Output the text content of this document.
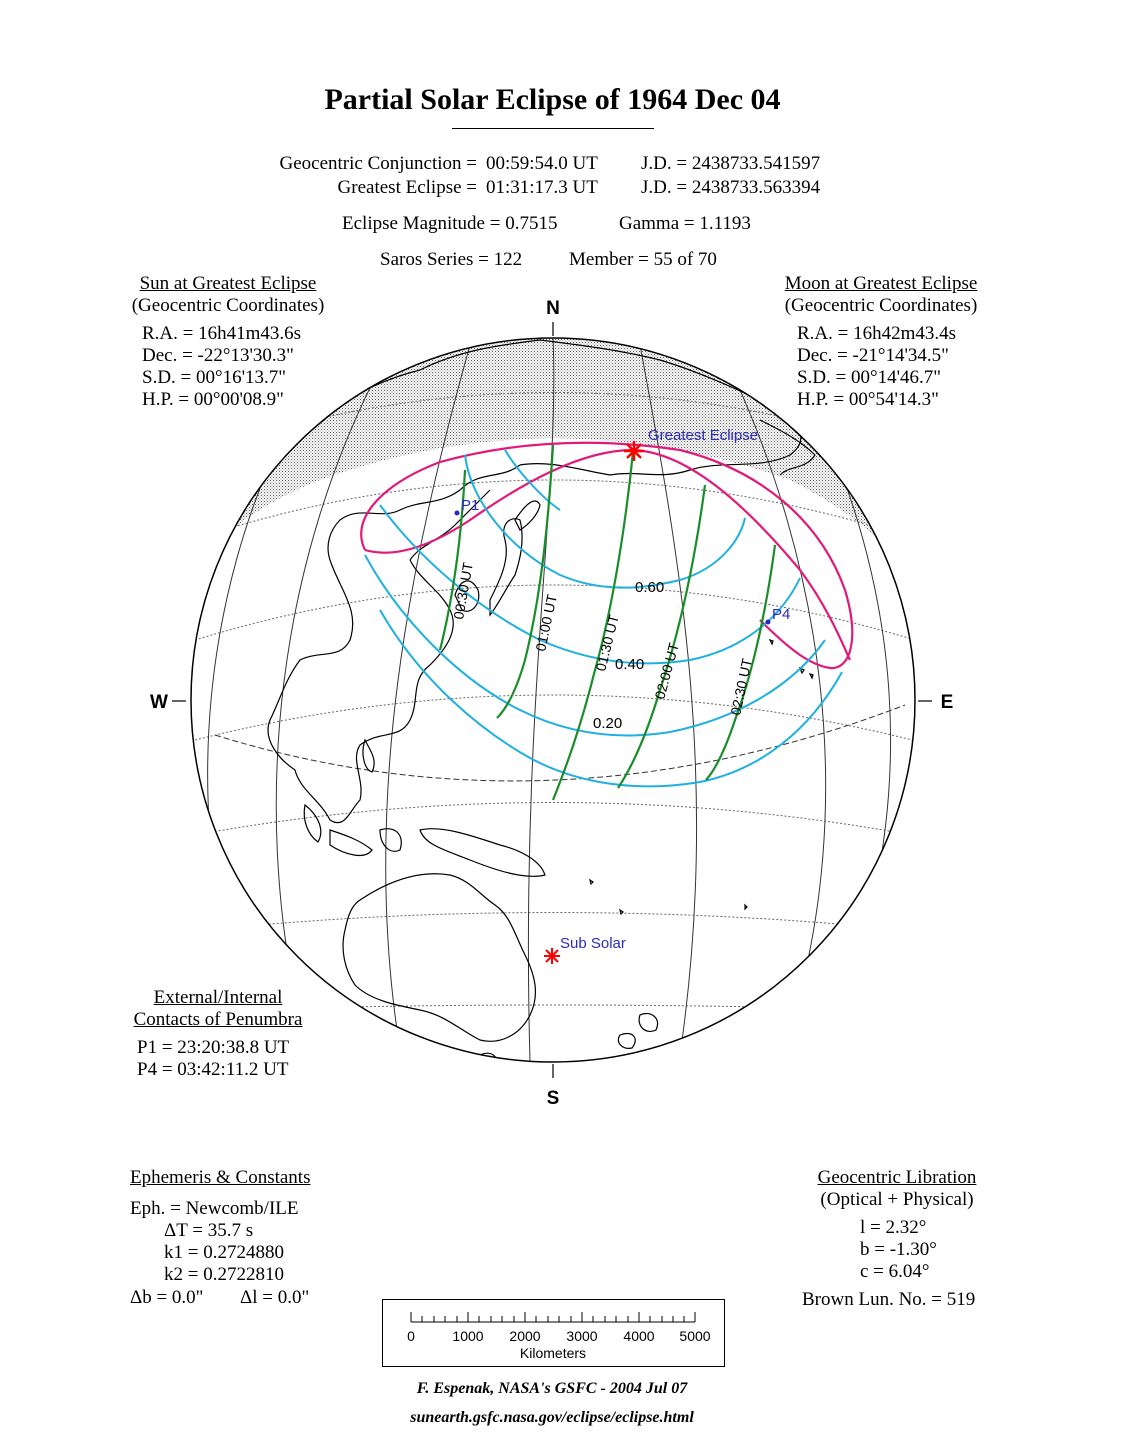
Partial Solar Eclipse of 1964 Dec 04
Geocentric Conjunction = 00:59:54.0 UT J.D. = 2438733.541597
Greatest Eclipse = 01:31:17.3 UT J.D. = 2438733.563394
Eclipse Magnitude = 0.7515	Gamma = 1.1193
Saros Series = 122 Member = 55 of 70
Sun at Greatest Eclipse
(Geocentric Coordinates)
R.A. = 16h41m43.6s
Dec. = -22°13'30.3"
S.D. = 00°16'13.7"
H.P. = 00°00'08.9"
Moon at Greatest Eclipse
(Geocentric Coordinates)
R.A. = 16h42m43.4s
Dec. = -21°14'34.5"
S.D. = 00°14'46.7"
H.P. = 00°54'14.3"
Greatest Eclipse
Sub Solar
P1
P4
0.60
0.40
0.20
00:30 UT
01:00 UT 01:30 UT 02:00 UT	02:30 UT
N
S
W	E
External/Internal
Contacts of Penumbra
P1 = 23:20:38.8 UT
P4 = 03:42:11.2 UT
Ephemeris & Constants
Eph. = Newcomb/ILE
ΔT = 35.7 s
k1 = 0.2724880
k2 = 0.2722810
Δb = 0.0" Δl = 0.0"
Geocentric Libration
(Optical + Physical)
l = 2.32°
b = -1.30°
c = 6.04°
Brown Lun. No. = 519
0	1000 2000 3000 4000 5000
Kilometers
F. Espenak, NASA's GSFC - 2004 Jul 07
sunearth.gsfc.nasa.gov/eclipse/eclipse.html
